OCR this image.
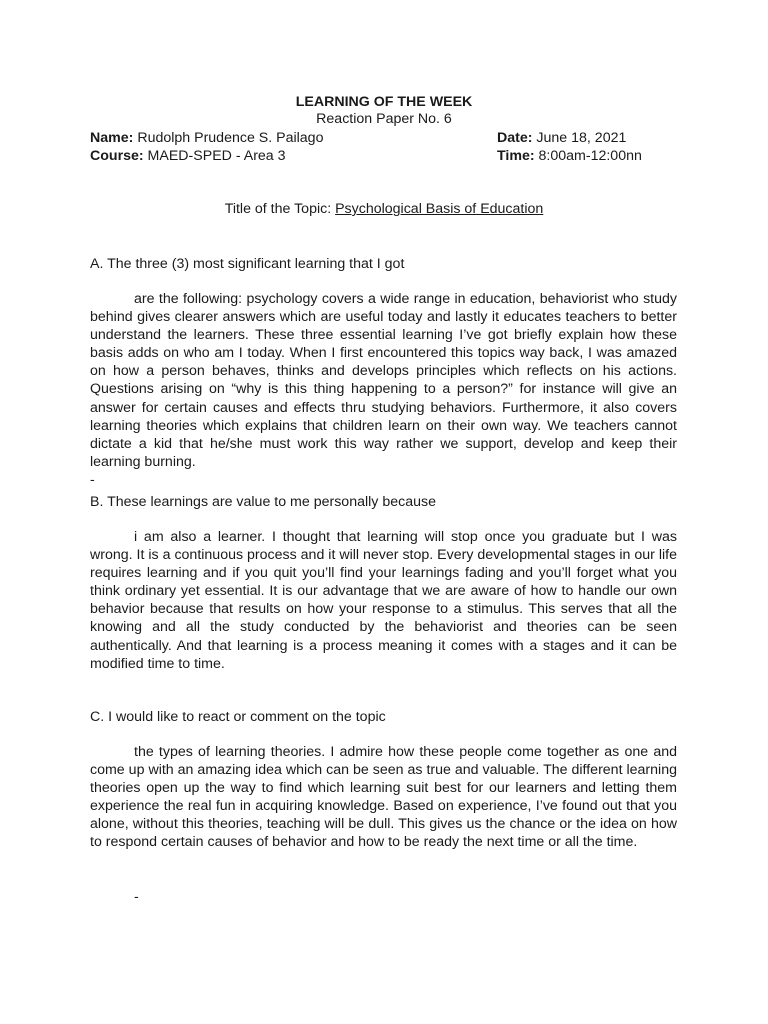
LEARNING OF THE WEEK
Reaction Paper No. 6
Name: Rudolph Prudence S. Pailago
Course: MAED-SPED - Area 3
Date: June 18, 2021
Time: 8:00am-12:00nn
Title of the Topic: Psychological Basis of Education
A. The three (3) most significant learning that I got
are the following: psychology covers a wide range in education, behaviorist who study behind gives clearer answers which are useful today and lastly it educates teachers to better understand the learners. These three essential learning I’ve got briefly explain how these basis adds on who am I today. When I first encountered this topics way back, I was amazed on how a person behaves, thinks and develops principles which reflects on his actions. Questions arising on “why is this thing happening to a person?” for instance will give an answer for certain causes and effects thru studying behaviors. Furthermore, it also covers learning theories which explains that children learn on their own way. We teachers cannot dictate a kid that he/she must work this way rather we support, develop and keep their learning burning.
-
B. These learnings are value to me personally because
i am also a learner. I thought that learning will stop once you graduate but I was wrong. It is a continuous process and it will never stop. Every developmental stages in our life requires learning and if you quit you’ll find your learnings fading and you’ll forget what you think ordinary yet essential. It is our advantage that we are aware of how to handle our own behavior because that results on how your response to a stimulus. This serves that all the knowing and all the study conducted by the behaviorist and theories can be seen authentically. And that learning is a process meaning it comes with a stages and it can be modified time to time.
C. I would like to react or comment on the topic
the types of learning theories. I admire how these people come together as one and come up with an amazing idea which can be seen as true and valuable. The different learning theories open up the way to find which learning suit best for our learners and letting them experience the real fun in acquiring knowledge. Based on experience, I’ve found out that you alone, without this theories, teaching will be dull. This gives us the chance or the idea on how to respond certain causes of behavior and how to be ready the next time or all the time.
-
